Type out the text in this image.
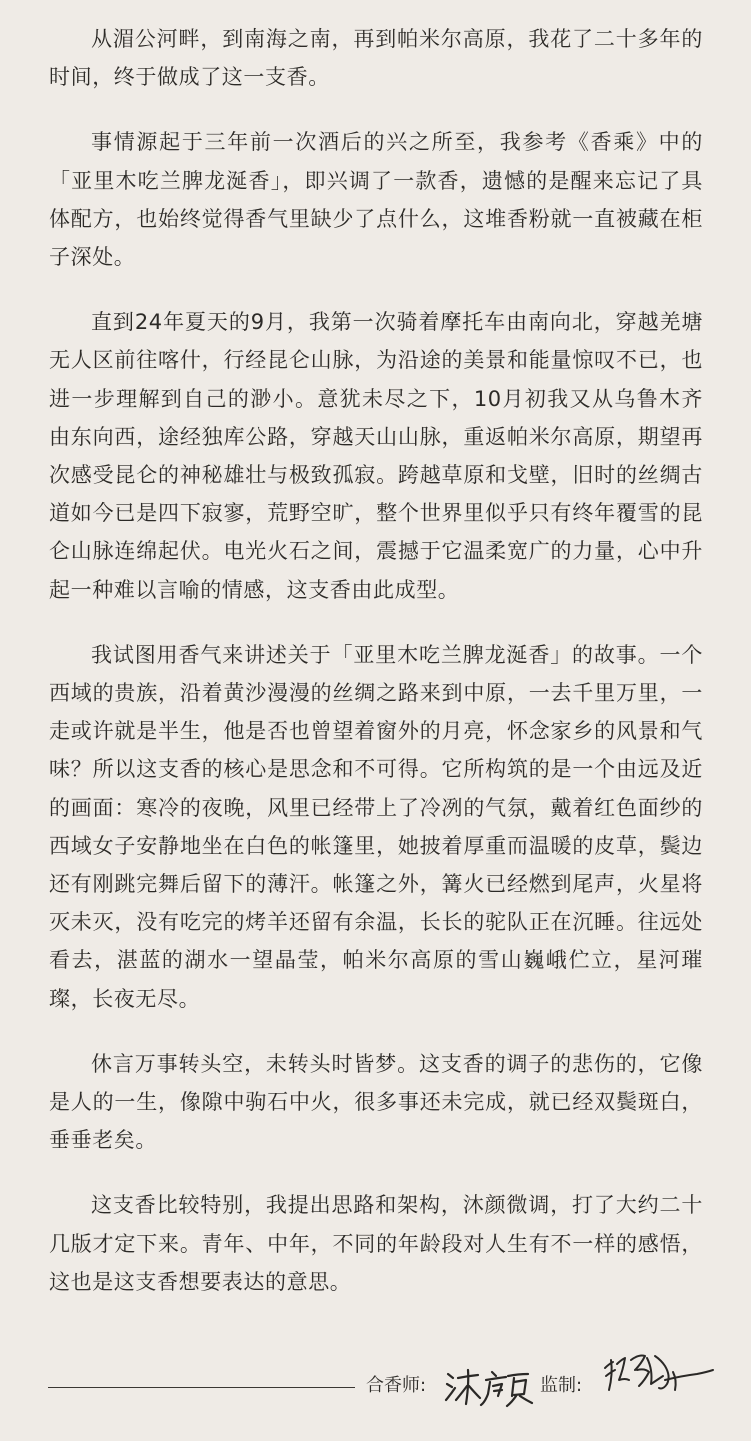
从湄公河畔，到南海之南，再到帕米尔高原，我花了二十多年的时间，终于做成了这一支香。

事情源起于三年前一次酒后的兴之所至，我参考《香乘》中的「亚里木吃兰脾龙涎香」，即兴调了一款香，遗憾的是醒来忘记了具体配方，也始终觉得香气里缺少了点什么，这堆香粉就一直被藏在柜子深处。

直到24年夏天的9月，我第一次骑着摩托车由南向北，穿越羌塘无人区前往喀什，行经昆仑山脉，为沿途的美景和能量惊叹不已，也进一步理解到自己的渺小。意犹未尽之下，10月初我又从乌鲁木齐由东向西，途经独库公路，穿越天山山脉，重返帕米尔高原，期望再次感受昆仑的神秘雄壮与极致孤寂。跨越草原和戈壁，旧时的丝绸古道如今已是四下寂寥，荒野空旷，整个世界里似乎只有终年覆雪的昆仑山脉连绵起伏。电光火石之间，震撼于它温柔宽广的力量，心中升起一种难以言喻的情感，这支香由此成型。

我试图用香气来讲述关于「亚里木吃兰脾龙涎香」的故事。一个西域的贵族，沿着黄沙漫漫的丝绸之路来到中原，一去千里万里，一走或许就是半生，他是否也曾望着窗外的月亮，怀念家乡的风景和气味？所以这支香的核心是思念和不可得。它所构筑的是一个由远及近的画面：寒冷的夜晚，风里已经带上了冷冽的气氛，戴着红色面纱的西域女子安静地坐在白色的帐篷里，她披着厚重而温暖的皮草，鬓边还有刚跳完舞后留下的薄汗。帐篷之外，篝火已经燃到尾声，火星将灭未灭，没有吃完的烤羊还留有余温，长长的驼队正在沉睡。往远处看去，湛蓝的湖水一望晶莹，帕米尔高原的雪山巍峨伫立，星河璀璨，长夜无尽。

休言万事转头空，未转头时皆梦。这支香的调子的悲伤的，它像是人的一生，像隙中驹石中火，很多事还未完成，就已经双鬓斑白，垂垂老矣。

这支香比较特别，我提出思路和架构，沐颜微调，打了大约二十几版才定下来。青年、中年，不同的年龄段对人生有不一样的感悟，这也是这支香想要表达的意思。

合香师:	监制:
